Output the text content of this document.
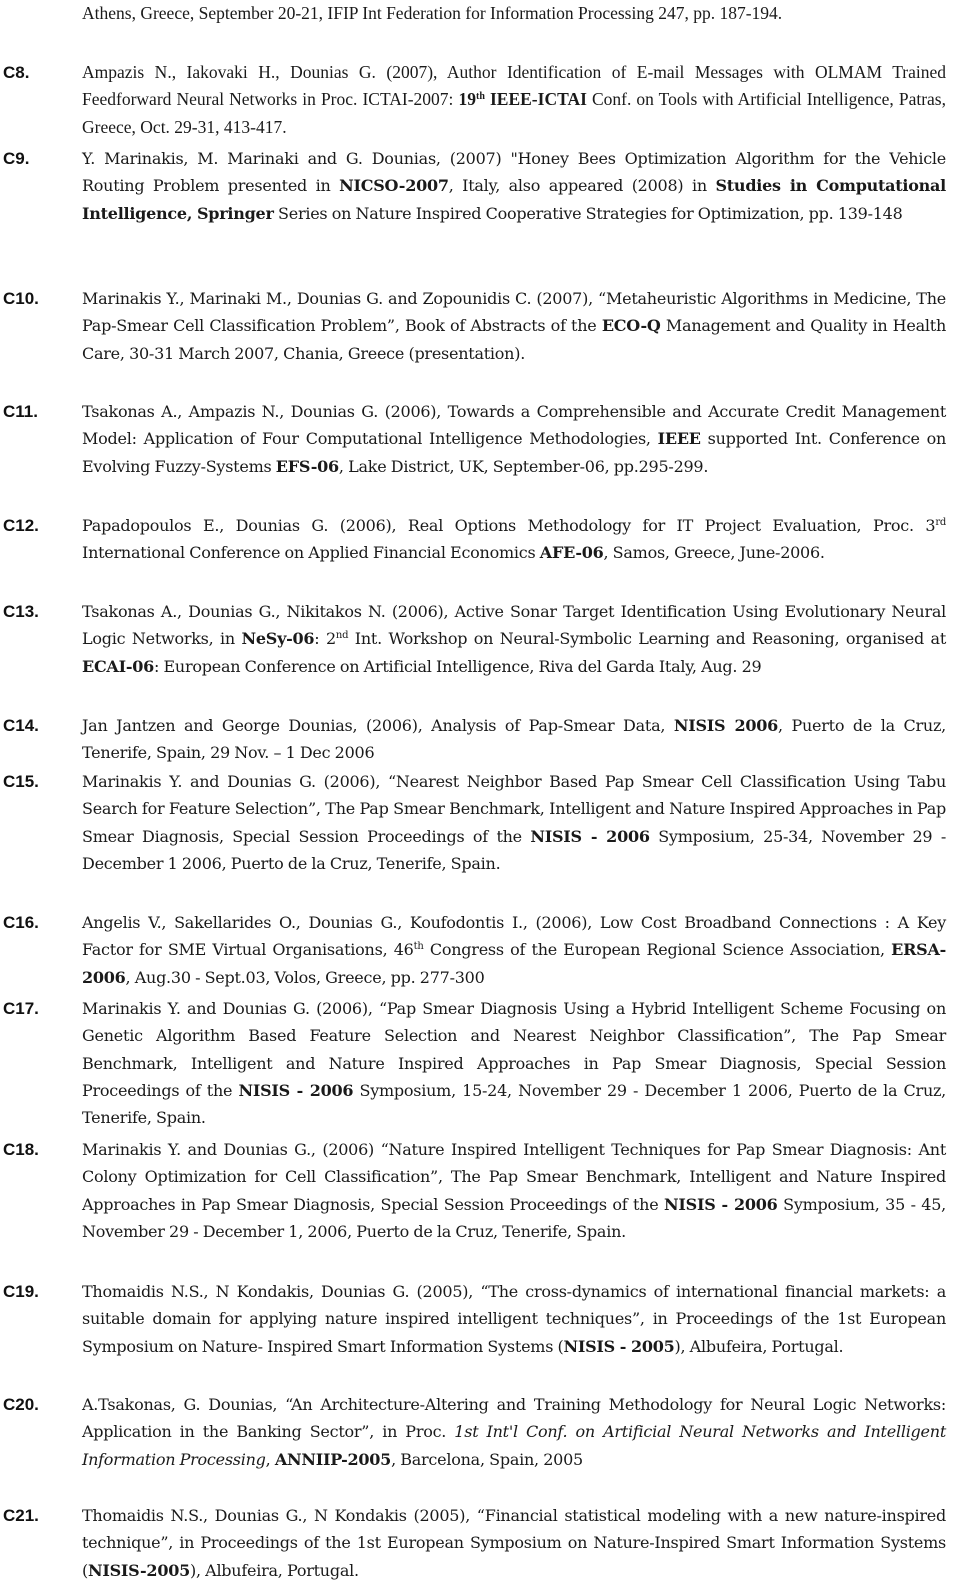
Athens, Greece, September 20-21, IFIP Int Federation for Information Processing 247, pp. 187-194.
C8.	Ampazis N., Iakovaki H., Dounias G. (2007), Author Identification of E-mail Messages with OLMAM Trained Feedforward Neural Networks in Proc. ICTAI-2007: 19th IEEE-ICTAI Conf. on Tools with Artificial Intelligence, Patras, Greece, Oct. 29-31, 413-417.
C9.	Y. Marinakis, M. Marinaki and G. Dounias, (2007) "Honey Bees Optimization Algorithm for the Vehicle Routing Problem presented in NICSO-2007, Italy, also appeared (2008) in Studies in Computational Intelligence, Springer Series on Nature Inspired Cooperative Strategies for Optimization, pp. 139-148
C10.	Marinakis Y., Marinaki M., Dounias G. and Zopounidis C. (2007), “Metaheuristic Algorithms in Medicine, The Pap-Smear Cell Classification Problem”, Book of Abstracts of the ECO-Q Management and Quality in Health Care, 30-31 March 2007, Chania, Greece (presentation).
C11.	Tsakonas A., Ampazis N., Dounias G. (2006), Towards a Comprehensible and Accurate Credit Management Model: Application of Four Computational Intelligence Methodologies, IEEE supported Int. Conference on Evolving Fuzzy-Systems EFS-06, Lake District, UK, September-06, pp.295-299.
C12.	Papadopoulos E., Dounias G. (2006), Real Options Methodology for IT Project Evaluation, Proc. 3rd International Conference on Applied Financial Economics AFE-06, Samos, Greece, June-2006.
C13.	Tsakonas A., Dounias G., Nikitakos N. (2006), Active Sonar Target Identification Using Evolutionary Neural Logic Networks, in NeSy-06: 2nd Int. Workshop on Neural-Symbolic Learning and Reasoning, organised at ECAI-06: European Conference on Artificial Intelligence, Riva del Garda Italy, Aug. 29
C14.	Jan Jantzen and George Dounias, (2006), Analysis of Pap-Smear Data, NISIS 2006, Puerto de la Cruz, Tenerife, Spain, 29 Nov. – 1 Dec 2006
C15.	Marinakis Y. and Dounias G. (2006), “Nearest Neighbor Based Pap Smear Cell Classification Using Tabu Search for Feature Selection”, The Pap Smear Benchmark, Intelligent and Nature Inspired Approaches in Pap Smear Diagnosis, Special Session Proceedings of the NISIS - 2006 Symposium, 25-34, November 29 - December 1 2006, Puerto de la Cruz, Tenerife, Spain.
C16.	Angelis V., Sakellarides O., Dounias G., Koufodontis I., (2006), Low Cost Broadband Connections : A Key Factor for SME Virtual Organisations, 46th Congress of the European Regional Science Association, ERSA-2006, Aug.30 - Sept.03, Volos, Greece, pp. 277-300
C17.	Marinakis Y. and Dounias G. (2006), “Pap Smear Diagnosis Using a Hybrid Intelligent Scheme Focusing on Genetic Algorithm Based Feature Selection and Nearest Neighbor Classification”, The Pap Smear Benchmark, Intelligent and Nature Inspired Approaches in Pap Smear Diagnosis, Special Session Proceedings of the NISIS - 2006 Symposium, 15-24, November 29 - December 1 2006, Puerto de la Cruz, Tenerife, Spain.
C18.	Marinakis Y. and Dounias G., (2006) “Nature Inspired Intelligent Techniques for Pap Smear Diagnosis: Ant Colony Optimization for Cell Classification”, The Pap Smear Benchmark, Intelligent and Nature Inspired Approaches in Pap Smear Diagnosis, Special Session Proceedings of the NISIS - 2006 Symposium, 35 - 45, November 29 - December 1, 2006, Puerto de la Cruz, Tenerife, Spain.
C19.	Thomaidis N.S., N Kondakis, Dounias G. (2005), “The cross-dynamics of international financial markets: a suitable domain for applying nature inspired intelligent techniques”, in Proceedings of the 1st European Symposium on Nature- Inspired Smart Information Systems (NISIS - 2005), Albufeira, Portugal.
C20.	A.Tsakonas, G. Dounias, “An Architecture-Altering and Training Methodology for Neural Logic Networks: Application in the Banking Sector”, in Proc. 1st Int'l Conf. on Artificial Neural Networks and Intelligent Information Processing, ANNIIP-2005, Barcelona, Spain, 2005
C21.	Thomaidis N.S., Dounias G., N Kondakis (2005), “Financial statistical modeling with a new nature-inspired technique”, in Proceedings of the 1st European Symposium on Nature-Inspired Smart Information Systems (NISIS-2005), Albufeira, Portugal.
